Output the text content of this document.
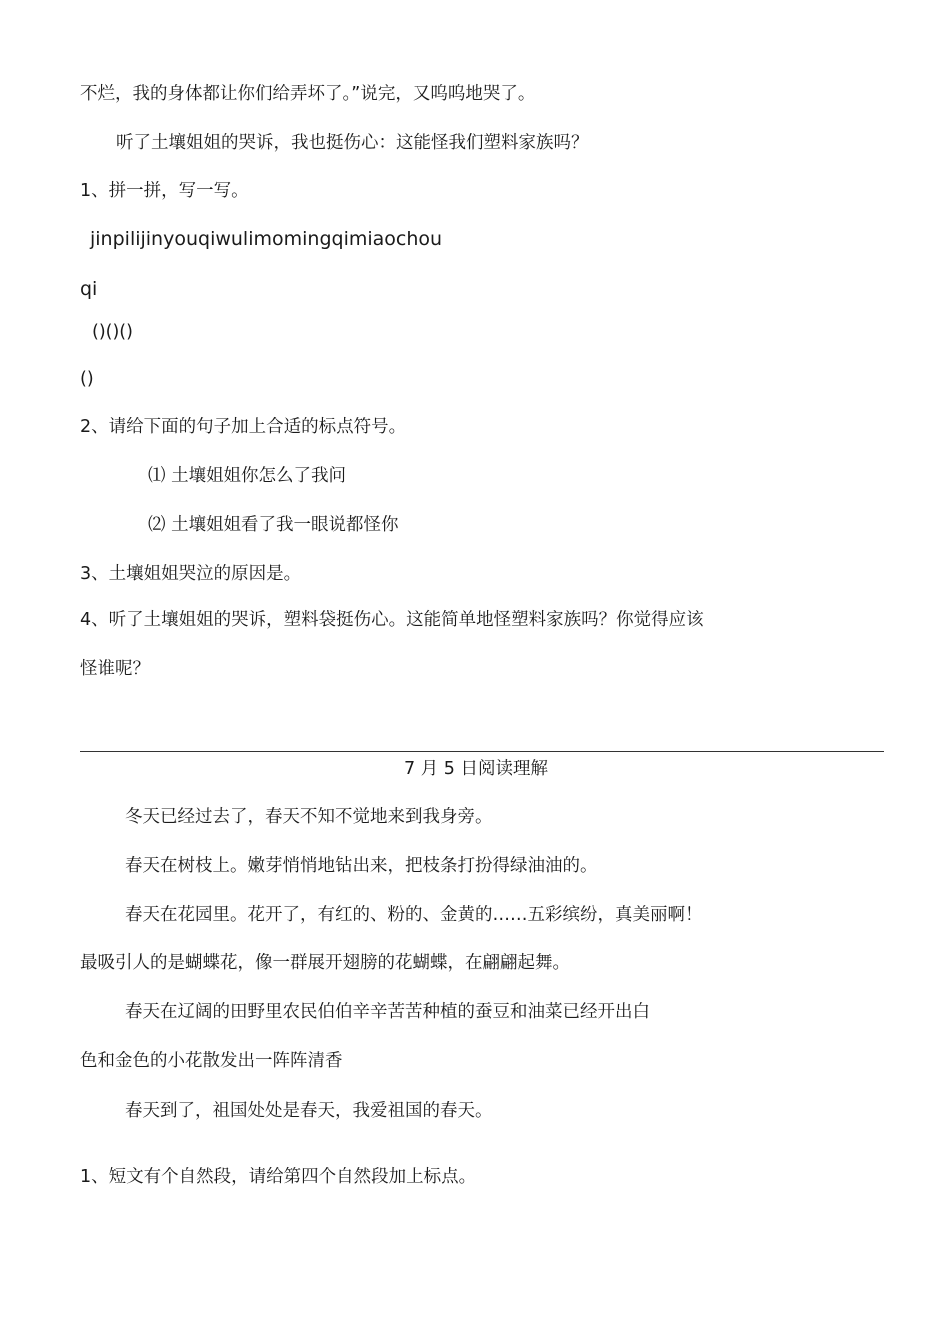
不烂，我的身体都让你们给弄坏了。”说完，又呜呜地哭了。
听了土壤姐姐的哭诉，我也挺伤心：这能怪我们塑料家族吗？
1、拼一拼，写一写。
jinpilijinyouqiwulimomingqimiaochou
qi
()()()
()
2、请给下面的句子加上合适的标点符号。
⑴ 土壤姐姐你怎么了我问
⑵ 土壤姐姐看了我一眼说都怪你
3、土壤姐姐哭泣的原因是。
4、听了土壤姐姐的哭诉，塑料袋挺伤心。这能简单地怪塑料家族吗？你觉得应该
怪谁呢？
7 月 5 日阅读理解
冬天已经过去了，春天不知不觉地来到我身旁。
春天在树枝上。嫩芽悄悄地钻出来，把枝条打扮得绿油油的。
春天在花园里。花开了，有红的、粉的、金黄的……五彩缤纷，真美丽啊！
最吸引人的是蝴蝶花，像一群展开翅膀的花蝴蝶，在翩翩起舞。
春天在辽阔的田野里农民伯伯辛辛苦苦种植的蚕豆和油菜已经开出白
色和金色的小花散发出一阵阵清香
春天到了，祖国处处是春天，我爱祖国的春天。
1、短文有个自然段，请给第四个自然段加上标点。
